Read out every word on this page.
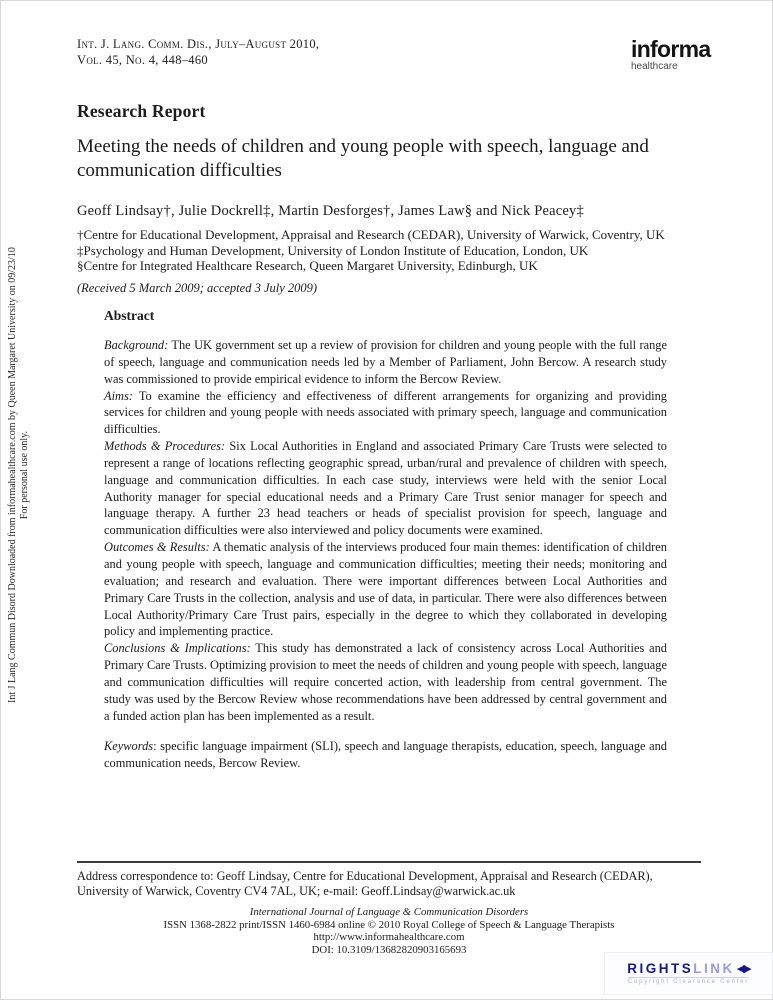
Int J Lang Commun Disord Downloaded from informahealthcare.com by Queen Margaret University on 09/23/10 For personal use only.
Int. J. Lang. Comm. Dis., July–August 2010,
Vol. 45, No. 4, 448–460	informa
healthcare
Research Report
Meeting the needs of children and young people with speech, language and communication difficulties
Geoff Lindsay†, Julie Dockrell‡, Martin Desforges†, James Law§ and Nick Peacey‡
†Centre for Educational Development, Appraisal and Research (CEDAR), University of Warwick, Coventry, UK
‡Psychology and Human Development, University of London Institute of Education, London, UK
§Centre for Integrated Healthcare Research, Queen Margaret University, Edinburgh, UK
(Received 5 March 2009; accepted 3 July 2009)
Abstract

Background: The UK government set up a review of provision for children and young people with the full range of speech, language and communication needs led by a Member of Parliament, John Bercow. A research study was commissioned to provide empirical evidence to inform the Bercow Review.

Aims: To examine the efficiency and effectiveness of different arrangements for organizing and providing services for children and young people with needs associated with primary speech, language and communication difficulties.

Methods & Procedures: Six Local Authorities in England and associated Primary Care Trusts were selected to represent a range of locations reflecting geographic spread, urban/rural and prevalence of children with speech, language and communication difficulties. In each case study, interviews were held with the senior Local Authority manager for special educational needs and a Primary Care Trust senior manager for speech and language therapy. A further 23 head teachers or heads of specialist provision for speech, language and communication difficulties were also interviewed and policy documents were examined.

Outcomes & Results: A thematic analysis of the interviews produced four main themes: identification of children and young people with speech, language and communication difficulties; meeting their needs; monitoring and evaluation; and research and evaluation. There were important differences between Local Authorities and Primary Care Trusts in the collection, analysis and use of data, in particular. There were also differences between Local Authority/Primary Care Trust pairs, especially in the degree to which they collaborated in developing policy and implementing practice.

Conclusions & Implications: This study has demonstrated a lack of consistency across Local Authorities and Primary Care Trusts. Optimizing provision to meet the needs of children and young people with speech, language and communication difficulties will require concerted action, with leadership from central government. The study was used by the Bercow Review whose recommendations have been addressed by central government and a funded action plan has been implemented as a result.

Keywords: specific language impairment (SLI), speech and language therapists, education, speech, language and communication needs, Bercow Review.

Address correspondence to: Geoff Lindsay, Centre for Educational Development, Appraisal and Research (CEDAR), University of Warwick, Coventry CV4 7AL, UK; e-mail: Geoff.Lindsay@warwick.ac.uk
International Journal of Language & Communication Disorders
ISSN 1368-2822 print/ISSN 1460-6984 online © 2010 Royal College of Speech & Language Therapists
http://www.informahealthcare.com
DOI: 10.3109/13682820903165693
RIGHTS LINK ◀▶
Copyright Clearance Center
